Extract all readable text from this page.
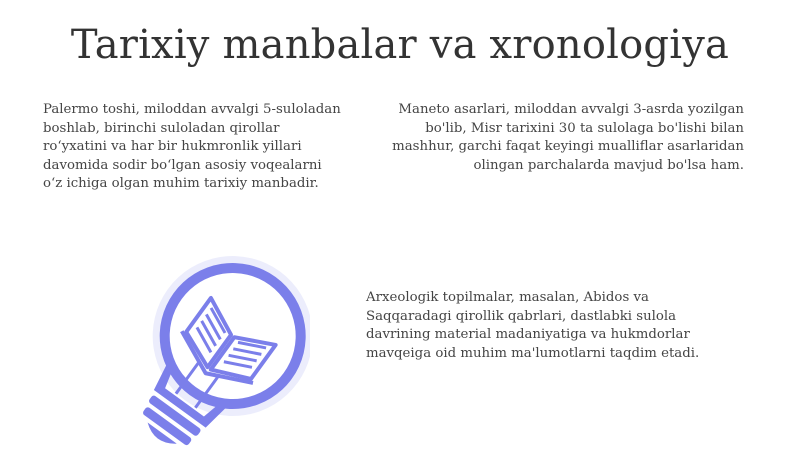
Tarixiy manbalar va xronologiya

Palermo toshi, miloddan avvalgi 5-suloladan boshlab, birinchi suloladan qirollar ro‘yxatini va har bir hukmronlik yillari davomida sodir bo‘lgan asosiy voqealarni o‘z ichiga olgan muhim tarixiy manbadir.

Maneto asarlari, miloddan avvalgi 3-asrda yozilgan bo'lib, Misr tarixini 30 ta sulolaga bo'lishi bilan mashhur, garchi faqat keyingi mualliflar asarlaridan olingan parchalarda mavjud bo'lsa ham.

Arxeologik topilmalar, masalan, Abidos va Saqqaradagi qirollik qabrlari, dastlabki sulola davrining material madaniyatiga va hukmdorlar mavqeiga oid muhim ma'lumotlarni taqdim etadi.
